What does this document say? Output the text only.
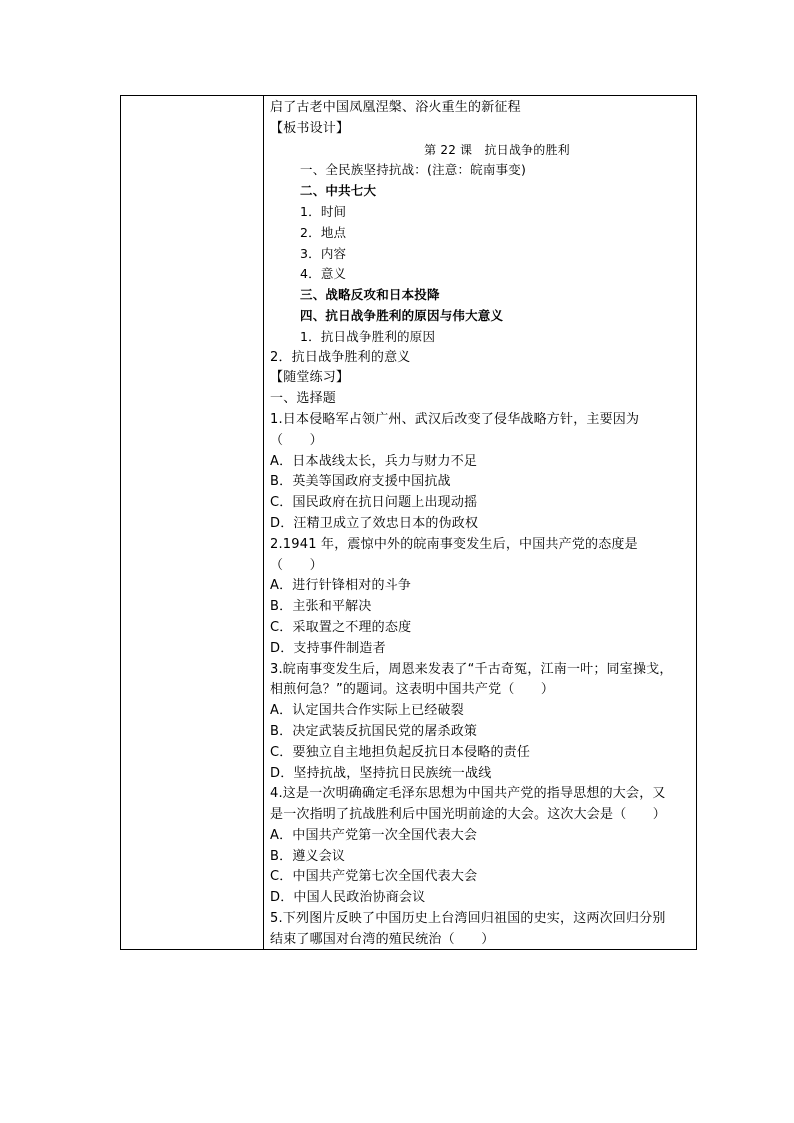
启了古老中国凤凰涅槃、浴火重生的新征程
【板书设计】
第 22 课　抗日战争的胜利
一、全民族坚持抗战：(注意：皖南事变)
二、中共七大
1．时间
2．地点
3．内容
4．意义
三、战略反攻和日本投降
四、抗日战争胜利的原因与伟大意义
1．抗日战争胜利的原因
2．抗日战争胜利的意义
【随堂练习】
一、选择题
1.日本侵略军占领广州、武汉后改变了侵华战略方针，主要因为
（　　）
A．日本战线太长，兵力与财力不足
B．英美等国政府支援中国抗战
C．国民政府在抗日问题上出现动摇
D．汪精卫成立了效忠日本的伪政权
2.1941 年，震惊中外的皖南事变发生后，中国共产党的态度是
（　　）
A．进行针锋相对的斗争
B．主张和平解决
C．采取置之不理的态度
D．支持事件制造者
3.皖南事变发生后，周恩来发表了“千古奇冤，江南一叶；同室操戈，
相煎何急？”的题词。这表明中国共产党（　　）
A．认定国共合作实际上已经破裂
B．决定武装反抗国民党的屠杀政策
C．要独立自主地担负起反抗日本侵略的责任
D．坚持抗战，坚持抗日民族统一战线
4.这是一次明确确定毛泽东思想为中国共产党的指导思想的大会，又
是一次指明了抗战胜利后中国光明前途的大会。这次大会是（　　）
A．中国共产党第一次全国代表大会
B．遵义会议
C．中国共产党第七次全国代表大会
D．中国人民政治协商会议
5.下列图片反映了中国历史上台湾回归祖国的史实，这两次回归分别
结束了哪国对台湾的殖民统治（　　）
